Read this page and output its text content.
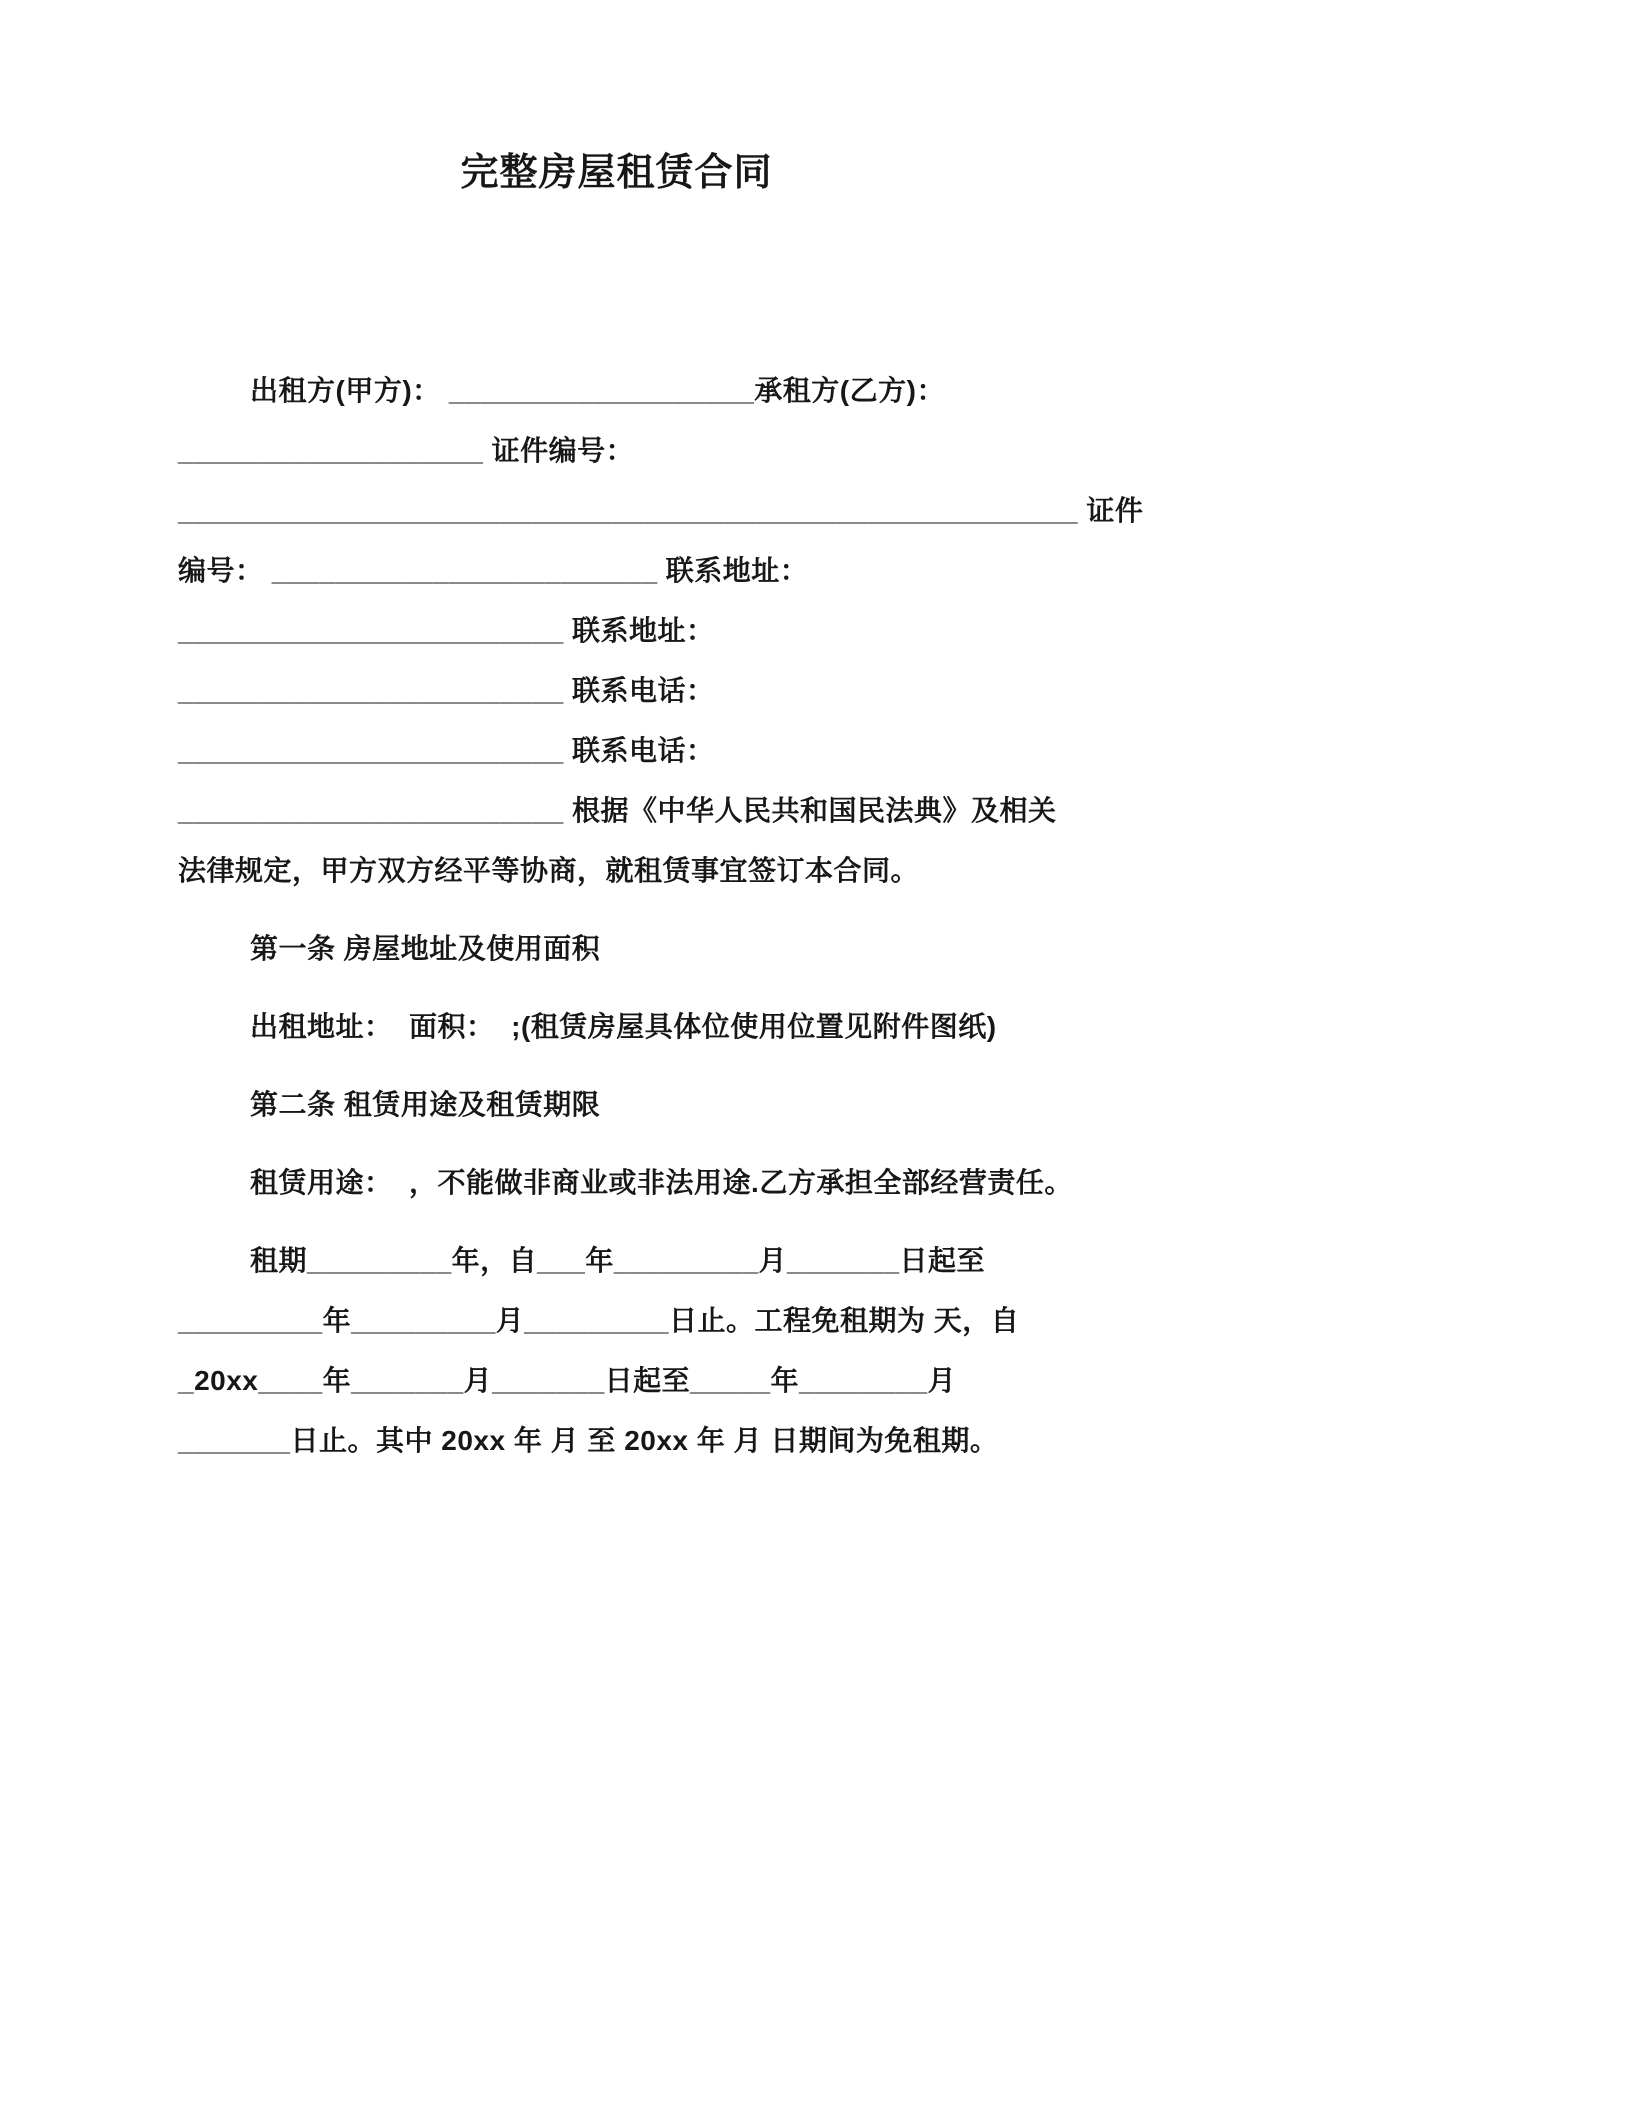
完整房屋租赁合同

出租方(甲方)： ___________________承租方(乙方)：
___________________ 证件编号： ________________________________________________________ 证件
编号： ________________________ 联系地址：
________________________ 联系地址：
________________________ 联系电话：
________________________ 联系电话：
________________________ 根据《中华人民共和国民法典》及相关
法律规定，甲方双方经平等协商，就租赁事宜签订本合同。

第一条 房屋地址及使用面积

出租地址：  面积：  ;(租赁房屋具体位使用位置见附件图纸)

第二条 租赁用途及租赁期限

租赁用途：  ，不能做非商业或非法用途.乙方承担全部经营责任。

租期_________年，自___年_________月_______日起至
_________年_________月_________日止。工程免租期为 天，自
_20xx____年_______月_______日起至_____年________月
_______日止。其中 20xx 年 月 至 20xx 年 月 日期间为免租期。
